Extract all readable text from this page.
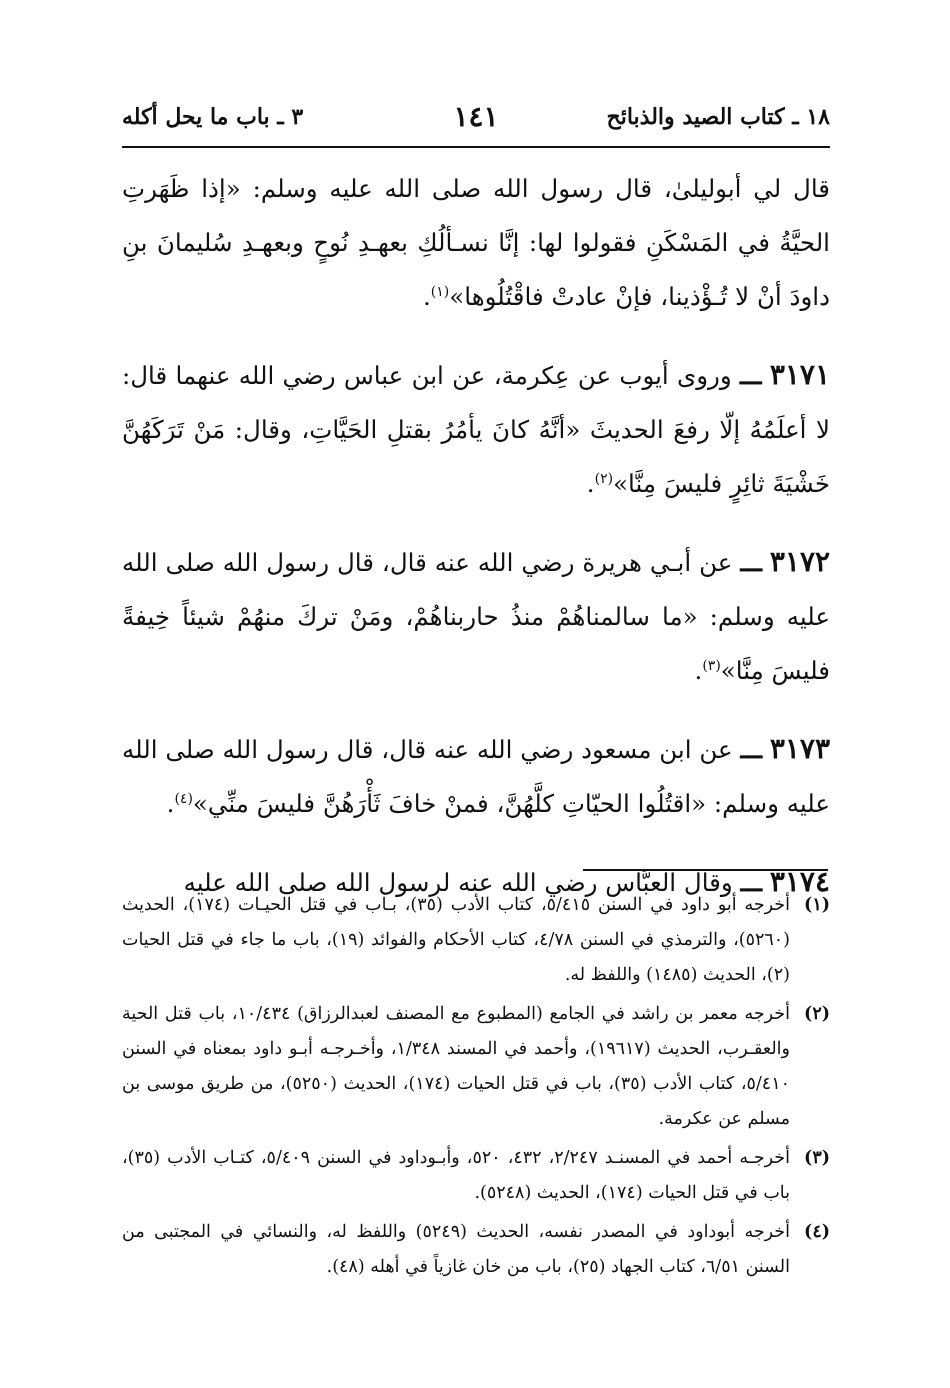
١٨ ـ كتاب الصيد والذبائح
١٤١
٣ ـ باب ما يحل أكله

قال لي أبوليلىٰ، قال رسول الله صلى الله عليه وسلم: «إذا ظَهَرتِ الحيَّةُ في المَسْكَنِ فقولوا لها: إنَّا نسـألُكِ بعهـدِ نُوحٍ وبعهـدِ سُليمانَ بنِ داودَ أنْ لا تُـؤْذينا، فإنْ عادتْ فاقْتُلُوها»$^{(١)}$.

٣١٧١ ـــ وروى أيوب عن عِكرمة، عن ابن عباس رضي الله عنهما قال: لا أعلَمُهُ إلّا رفعَ الحديثَ «أنَّهُ كانَ يأمُرُ بقتلِ الحَيَّاتِ، وقال: مَنْ تَرَكَهُنَّ خَشْيَةَ ثائِرٍ فليسَ مِنَّا»$^{(٢)}$.

٣١٧٢ ـــ عن أبـي هريرة رضي الله عنه قال، قال رسول الله صلى الله عليه وسلم: «ما سالمناهُمْ منذُ حاربناهُمْ، ومَنْ تركَ منهُمْ شيئاً خِيفةً فليسَ مِنَّا»$^{(٣)}$.

٣١٧٣ ـــ عن ابن مسعود رضي الله عنه قال، قال رسول الله صلى الله عليه وسلم: «اقتُلُوا الحيّاتِ كلَّهُنَّ، فمنْ خافَ ثَأْرَهُنَّ فليسَ منِّي»$^{(٤)}$.

٣١٧٤ ـــ وقال العبَّاس رضي الله عنه لرسول الله صلى الله عليه

(١)
أخرجه أبو داود في السنن ٥/٤١٥، كتاب الأدب (٣٥)، بـاب في قتل الحيـات (١٧٤)، الحديث (٥٢٦٠)، والترمذي في السنن ٤/٧٨، كتاب الأحكام والفوائد (١٩)، باب ما جاء في قتل الحيات (٢)، الحديث (١٤٨٥) واللفظ له.

(٢)
أخرجه معمر بن راشد في الجامع (المطبوع مع المصنف لعبدالرزاق) ١٠/٤٣٤، باب قتل الحية والعقـرب، الحديث (١٩٦١٧)، وأحمد في المسند ١/٣٤٨، وأخـرجـه أبـو داود بمعناه في السنن ٥/٤١٠، كتاب الأدب (٣٥)، باب في قتل الحيات (١٧٤)، الحديث (٥٢٥٠)، من طريق موسى بن مسلم عن عكرمة.

(٣)
أخرجـه أحمد في المسنـد ٢/٢٤٧، ٤٣٢، ٥٢٠، وأبـوداود في السنن ٥/٤٠٩، كتـاب الأدب (٣٥)، باب في قتل الحيات (١٧٤)، الحديث (٥٢٤٨).

(٤)
أخرجه أبوداود في المصدر نفسه، الحديث (٥٢٤٩) واللفظ له، والنسائي في المجتبى من السنن ٦/٥١، كتاب الجهاد (٢٥)، باب من خان غازياً في أهله (٤٨).
